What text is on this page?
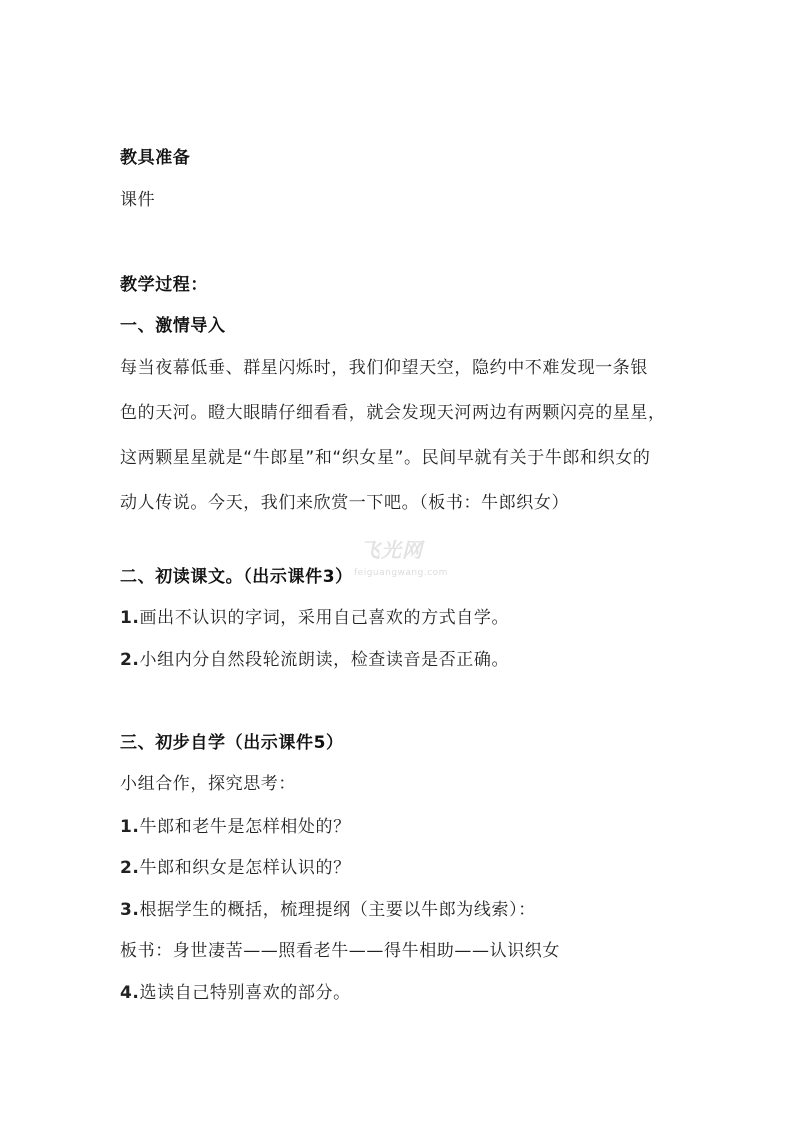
教具准备
课件
教学过程：
一、激情导入
每当夜幕低垂、群星闪烁时，我们仰望天空，隐约中不难发现一条银
色的天河。瞪大眼睛仔细看看，就会发现天河两边有两颗闪亮的星星，
这两颗星星就是“牛郎星”和“织女星”。民间早就有关于牛郎和织女的
动人传说。今天，我们来欣赏一下吧。（板书：牛郎织女）
飞光网
feiguangwang.com
二、初读课文。（出示课件3）
1.画出不认识的字词，采用自己喜欢的方式自学。
2.小组内分自然段轮流朗读，检查读音是否正确。
三、初步自学（出示课件5）
小组合作，探究思考：
1.牛郎和老牛是怎样相处的？
2.牛郎和织女是怎样认识的？
3.根据学生的概括，梳理提纲（主要以牛郎为线索）：
板书：身世凄苦——照看老牛——得牛相助——认识织女
4.选读自己特别喜欢的部分。
